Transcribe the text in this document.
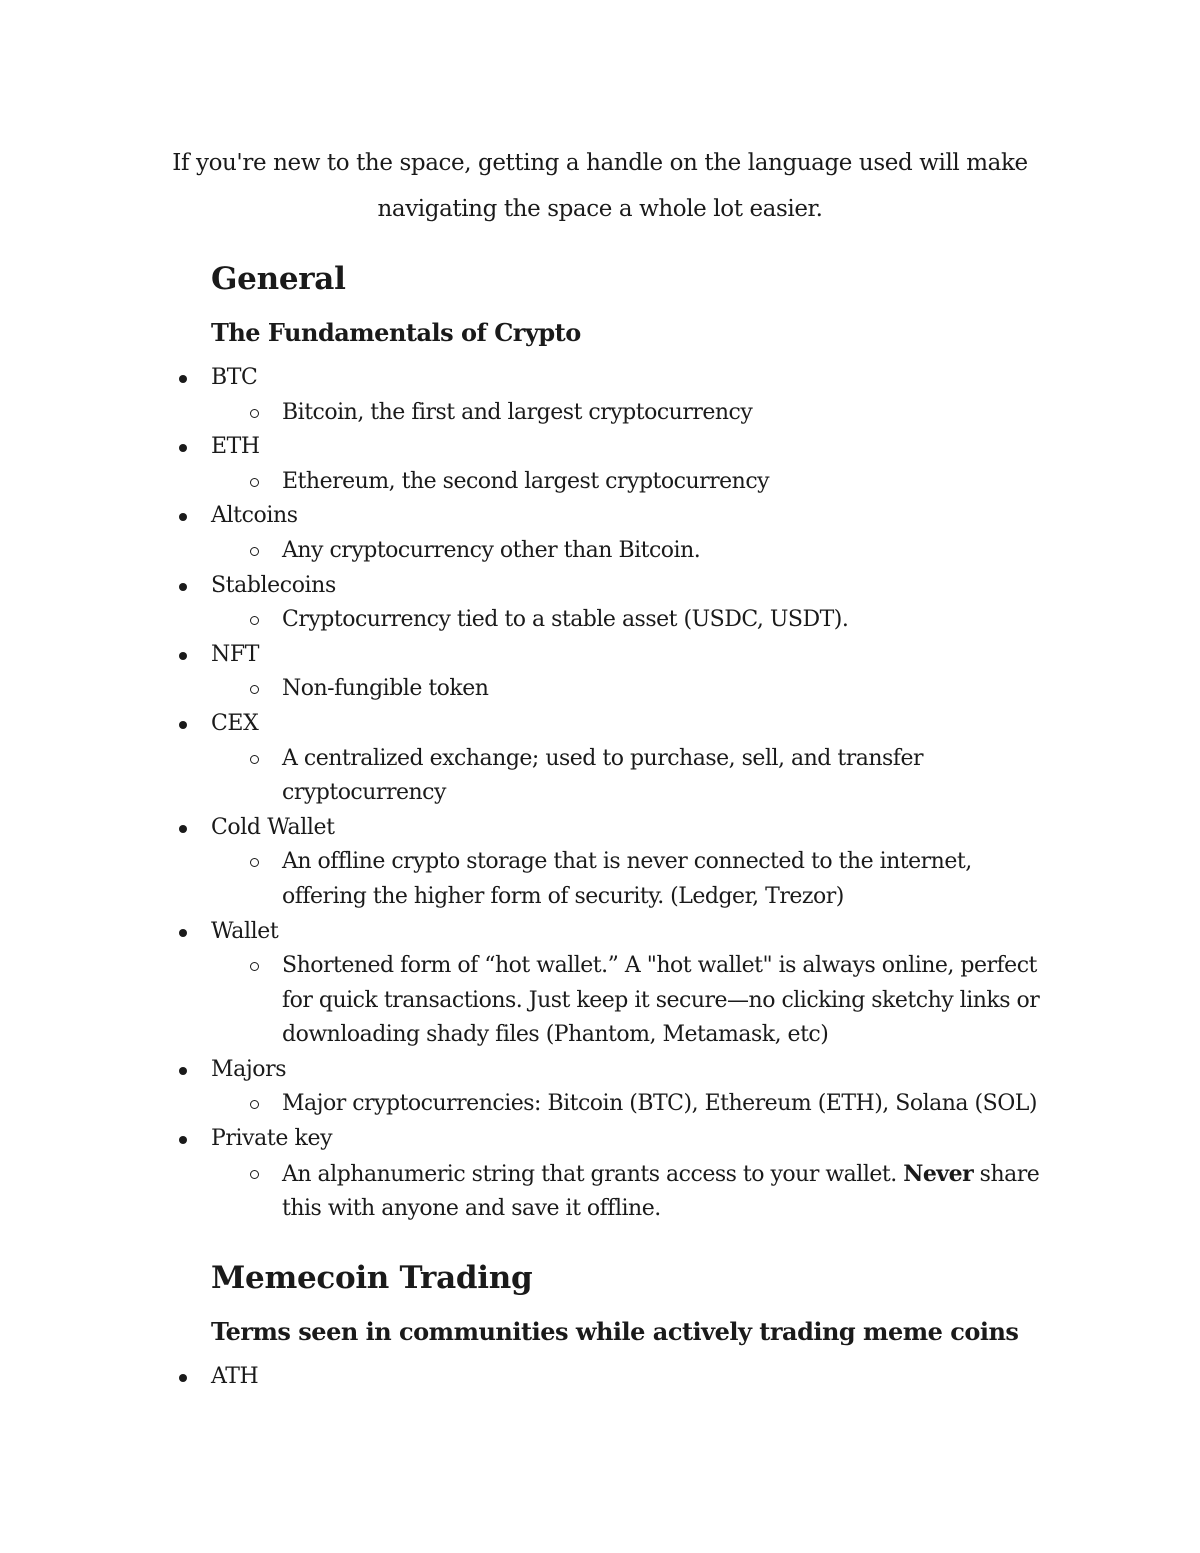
If you're new to the space, getting a handle on the language used will make navigating the space a whole lot easier.

General
The Fundamentals of Crypto
BTC
Bitcoin, the first and largest cryptocurrency
ETH
Ethereum, the second largest cryptocurrency
Altcoins
Any cryptocurrency other than Bitcoin.
Stablecoins
Cryptocurrency tied to a stable asset (USDC, USDT).
NFT
Non-fungible token
CEX
A centralized exchange; used to purchase, sell, and transfer cryptocurrency
Cold Wallet
An offline crypto storage that is never connected to the internet, offering the higher form of security. (Ledger, Trezor)
Wallet
Shortened form of “hot wallet.” A "hot wallet" is always online, perfect for quick transactions. Just keep it secure—no clicking sketchy links or downloading shady files (Phantom, Metamask, etc)
Majors
Major cryptocurrencies: Bitcoin (BTC), Ethereum (ETH), Solana (SOL)
Private key
An alphanumeric string that grants access to your wallet. Never share this with anyone and save it offline.
Memecoin Trading
Terms seen in communities while actively trading meme coins
ATH
